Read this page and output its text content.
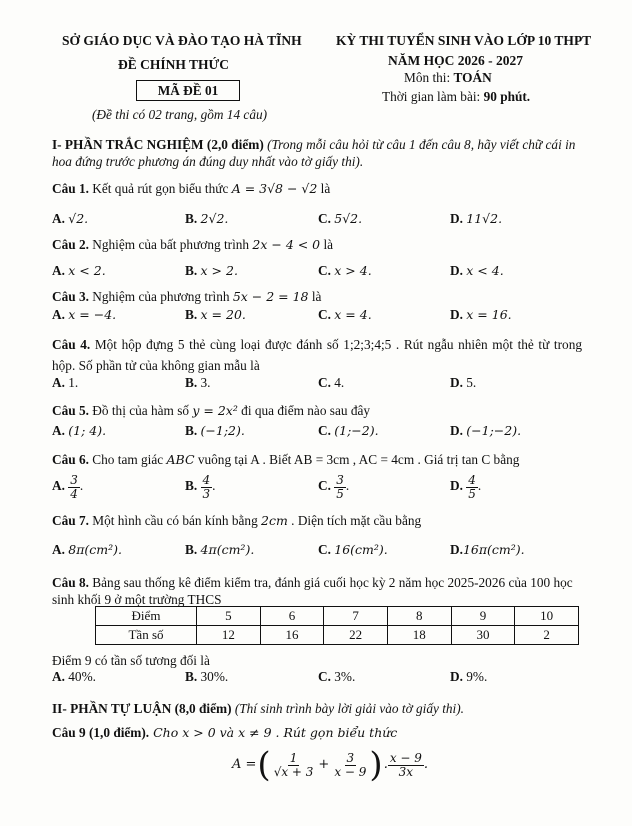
SỞ GIÁO DỤC VÀ ĐÀO TẠO HÀ TĨNH
ĐỀ CHÍNH THỨC
MÃ ĐỀ 01
(Đề thi có 02 trang, gồm 14 câu)
KỲ THI TUYỂN SINH VÀO LỚP 10 THPT
NĂM HỌC 2026 - 2027
Môn thi: TOÁN
Thời gian làm bài: 90 phút.
I- PHẦN TRẮC NGHIỆM (2,0 điểm) (Trong mỗi câu hỏi từ câu 1 đến câu 8, hãy viết chữ cái in hoa đứng trước phương án đúng duy nhất vào tờ giấy thi).
Câu 1. Kết quả rút gọn biểu thức A = 3√8 − √2 là
A. √2.	B. 2√2.	C. 5√2.	D. 11√2.
Câu 2. Nghiệm của bất phương trình 2x − 4 < 0 là
A. x < 2.	B. x > 2.	C. x > 4.	D. x < 4.
Câu 3. Nghiệm của phương trình 5x − 2 = 18 là
A. x = −4.	B. x = 20.	C. x = 4.	D. x = 16.
Câu 4. Một hộp đựng 5 thẻ cùng loại được đánh số 1;2;3;4;5 . Rút ngẫu nhiên một thẻ từ trong hộp. Số phần tử của không gian mẫu là
A. 1.	B. 3.	C. 4.	D. 5.
Câu 5. Đồ thị của hàm số y = 2x² đi qua điểm nào sau đây
A. (1; 4).	B. (−1;2).	C. (1;−2).	D. (−1;−2).
Câu 6. Cho tam giác ABC vuông tại A . Biết AB = 3cm , AC = 4cm . Giá trị tan C bằng
A. $\frac{3}{4}$ .	B. $\frac{4}{3}$ .	C. $\frac{3}{5}$ .	D. $\frac{4}{5}$ .
Câu 7. Một hình cầu có bán kính bằng 2cm . Diện tích mặt cầu bằng
A. 8π(cm²).	B. 4π(cm²).	C. 16(cm²).	D.16π(cm²).
Câu 8. Bảng sau thống kê điểm kiểm tra, đánh giá cuối học kỳ 2 năm học 2025-2026 của 100 học sinh khối 9 ở một trường THCS
Điểm	5	6	7	8	9	10
Tần số	12	16	22	18	30	2
Điểm 9 có tần số tương đối là
A. 40%.	B. 30%.	C. 3%.	D. 9%.
II- PHẦN TỰ LUẬN (8,0 điểm) (Thí sinh trình bày lời giải vào tờ giấy thi).
Câu 9 (1,0 điểm). Cho x > 0 và x ≠ 9 . Rút gọn biểu thức
A = ( $\frac{1}{√x + 3} + \frac{3}{x - 9}$ ) . $\frac{x - 9}{3x}$ .
